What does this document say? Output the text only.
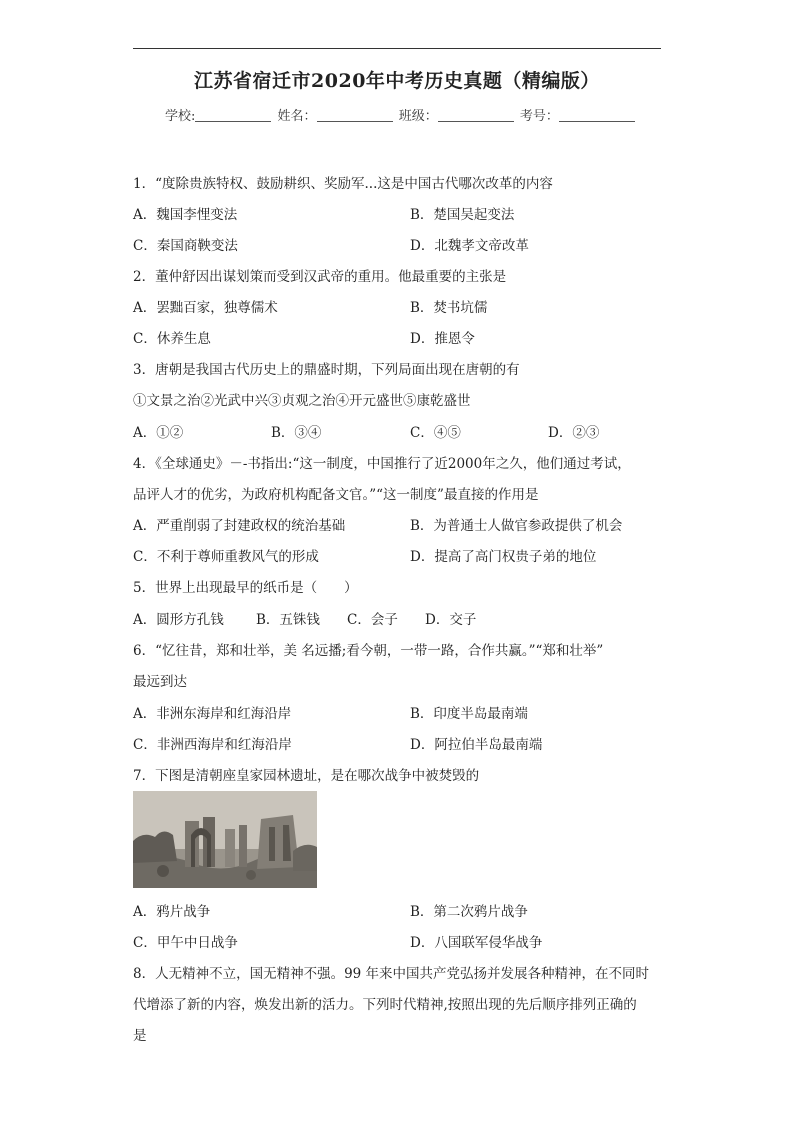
江苏省宿迁市2020年中考历史真题（精编版）
学校:	姓名：	班级：	考号：
1．“度除贵族特权、鼓励耕织、奖励军...这是中国古代哪次改革的内容
A．魏国李悝变法	B．楚国吴起变法
C．秦国商鞅变法	D．北魏孝文帝改革
2．董仲舒因出谋划策而受到汉武帝的重用。他最重要的主张是
A．罢黜百家，独尊儒术	B．焚书坑儒
C．休养生息	D．推恩令
3．唐朝是我国古代历史上的鼎盛时期，下列局面出现在唐朝的有
①文景之治②光武中兴③贞观之治④开元盛世⑤康乾盛世
A．①②	B．③④	C．④⑤	D．②③
4．《全球通史》－-书指出:“这一制度，中国推行了近2000年之久，他们通过考试，
品评人才的优劣，为政府机构配备文官。”“这一制度”最直接的作用是
A．严重削弱了封建政权的统治基础	B．为普通士人做官参政提供了机会
C．不利于尊师重教风气的形成	D．提高了高门权贵子弟的地位
5．世界上出现最早的纸币是（　　）
A．圆形方孔钱 B．五铢钱 C．会子 D．交子
6．“忆往昔，郑和壮举，美 名远播;看今朝，一带一路，合作共赢。”“郑和壮举”
最远到达
A．非洲东海岸和红海沿岸	B．印度半岛最南端
C．非洲西海岸和红海沿岸	D．阿拉伯半岛最南端
7．下图是清朝座皇家园林遗址，是在哪次战争中被焚毁的
A．鸦片战争	B．第二次鸦片战争
C．甲午中日战争	D．八国联军侵华战争
8．人无精神不立，国无精神不强。99 年来中国共产党弘扬并发展各种精神，在不同时
代增添了新的内容，焕发出新的活力。下列时代精神,按照出现的先后顺序排列正确的
是
